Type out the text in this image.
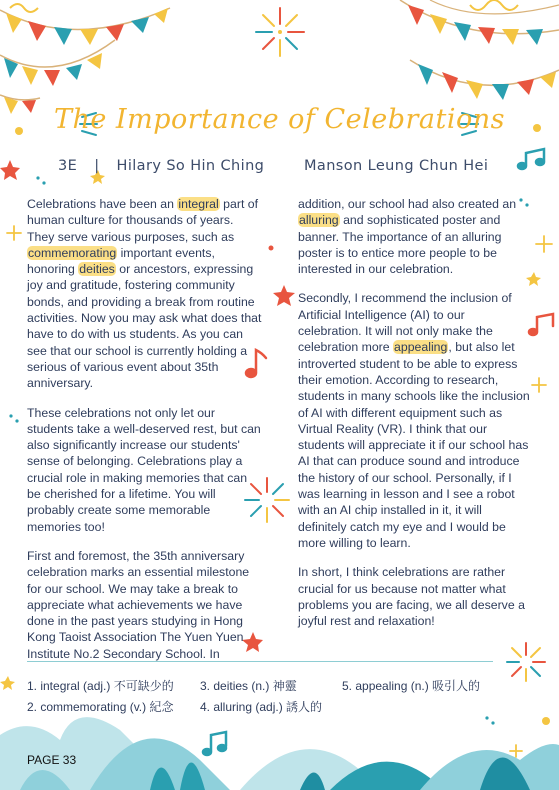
The Importance of Celebrations
3E | Hilary So Hin Ching	Manson Leung Chun Hei

Celebrations have been an integral part of human culture for thousands of years. They serve various purposes, such as commemorating important events, honoring deities or ancestors, expressing joy and gratitude, fostering community bonds, and providing a break from routine activities. Now you may ask what does that have to do with us students. As you can see that our school is currently holding a serious of various event about 35th anniversary.

These celebrations not only let our students take a well-deserved rest, but can also significantly increase our students' sense of belonging. Celebrations play a crucial role in making memories that can be cherished for a lifetime. You will probably create some memorable memories too!

First and foremost, the 35th anniversary celebration marks an essential milestone for our school. We may take a break to appreciate what achievements we have done in the past years studying in Hong Kong Taoist Association The Yuen Yuen Institute No.2 Secondary School. In

addition, our school had also created an alluring and sophisticated poster and banner. The importance of an alluring poster is to entice more people to be interested in our celebration.

Secondly, I recommend the inclusion of Artificial Intelligence (AI) to our celebration. It will not only make the celebration more appealing, but also let introverted student to be able to express their emotion. According to research, students in many schools like the inclusion of AI with different equipment such as Virtual Reality (VR). I think that our students will appreciate it if our school has AI that can produce sound and introduce the history of our school. Personally, if I was learning in lesson and I see a robot with an AI chip installed in it, it will definitely catch my eye and I would be more willing to learn.

In short, I think celebrations are rather crucial for us because not matter what problems you are facing, we all deserve a joyful rest and relaxation!

1. integral (adj.) 不可缺少的
2. commemorating (v.) 紀念
3. deities (n.) 神靈
4. alluring (adj.) 誘人的
5. appealing (n.) 吸引人的
PAGE 33
